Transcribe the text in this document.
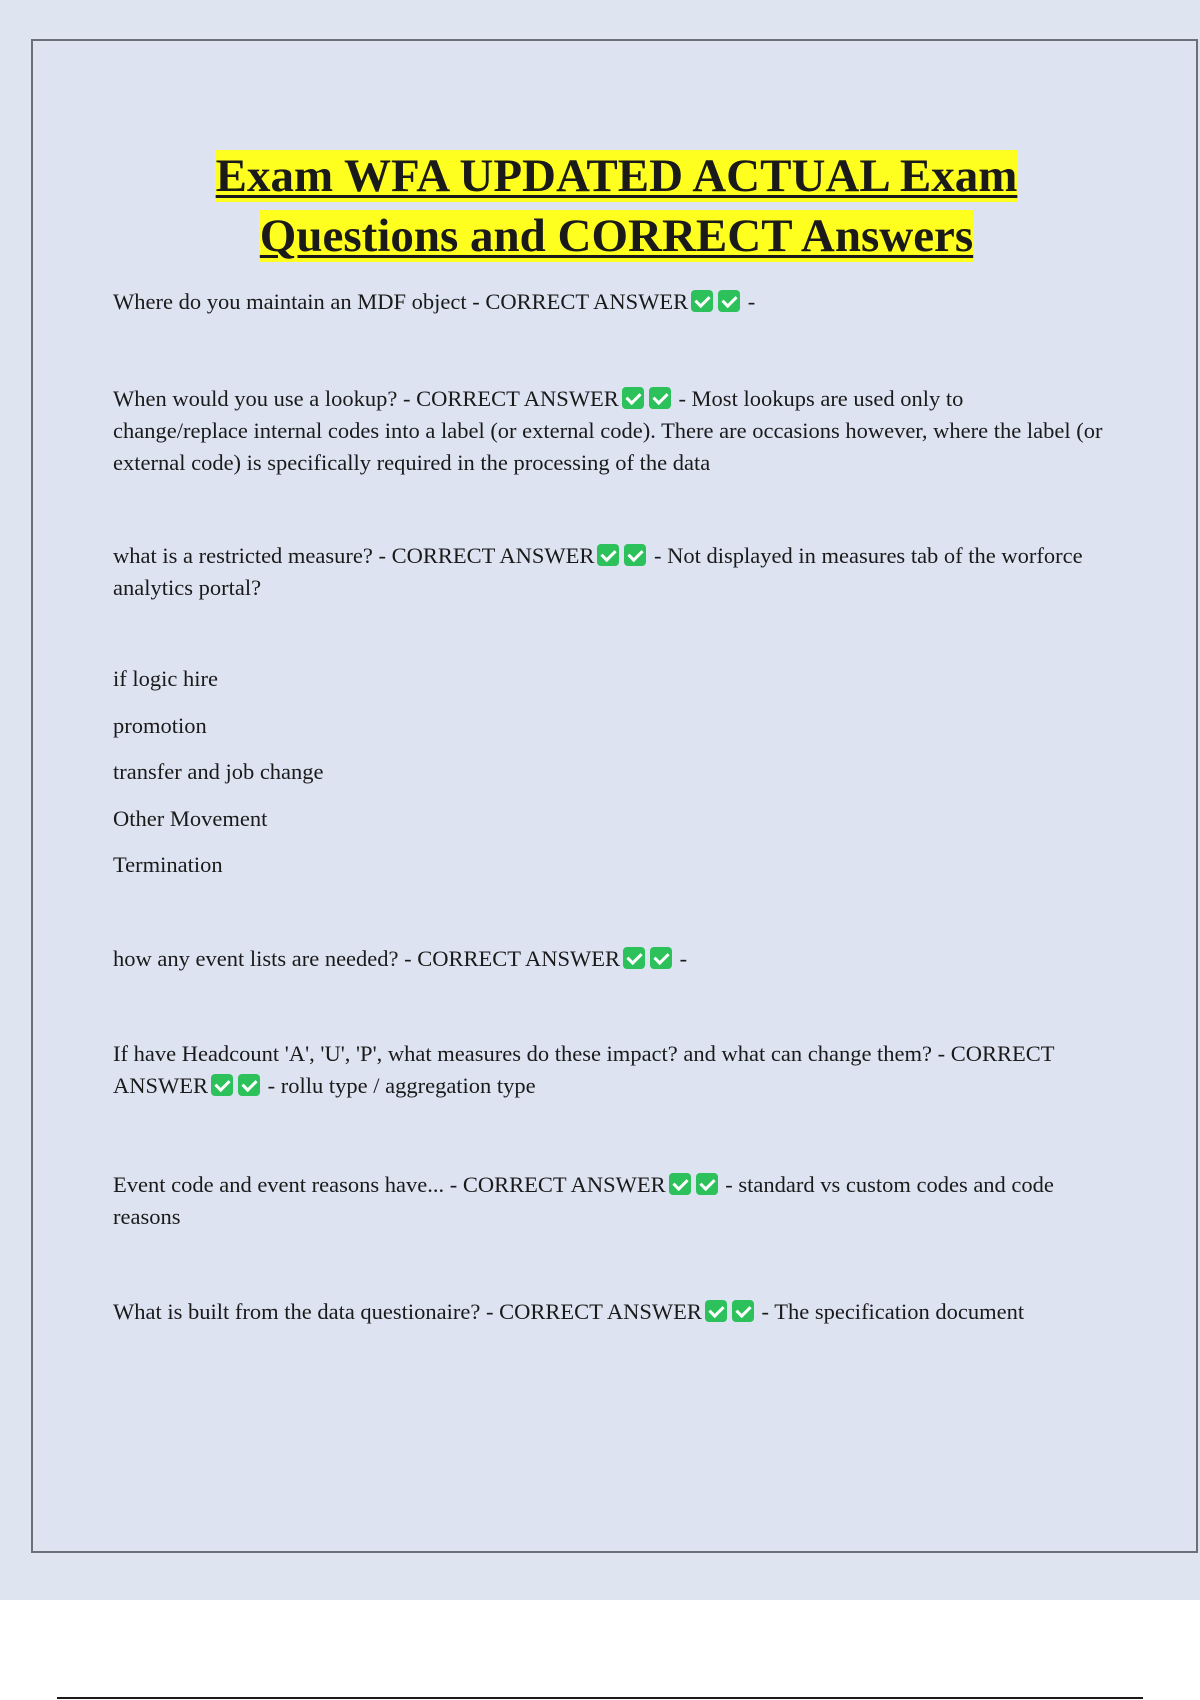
Exam WFA UPDATED ACTUAL Exam
Questions and CORRECT Answers

Where do you maintain an MDF object - CORRECT ANSWER -

When would you use a lookup? - CORRECT ANSWER - Most lookups are used only to change/replace internal codes into a label (or external code). There are occasions however, where the label (or external code) is specifically required in the processing of the data

what is a restricted measure? - CORRECT ANSWER - Not displayed in measures tab of the worforce analytics portal?

if logic hire

promotion

transfer and job change

Other Movement

Termination

how any event lists are needed? - CORRECT ANSWER -

If have Headcount 'A', 'U', 'P', what measures do these impact? and what can change them? - CORRECT ANSWER - rollu type / aggregation type

Event code and event reasons have... - CORRECT ANSWER - standard vs custom codes and code reasons

What is built from the data questionaire? - CORRECT ANSWER - The specification document
